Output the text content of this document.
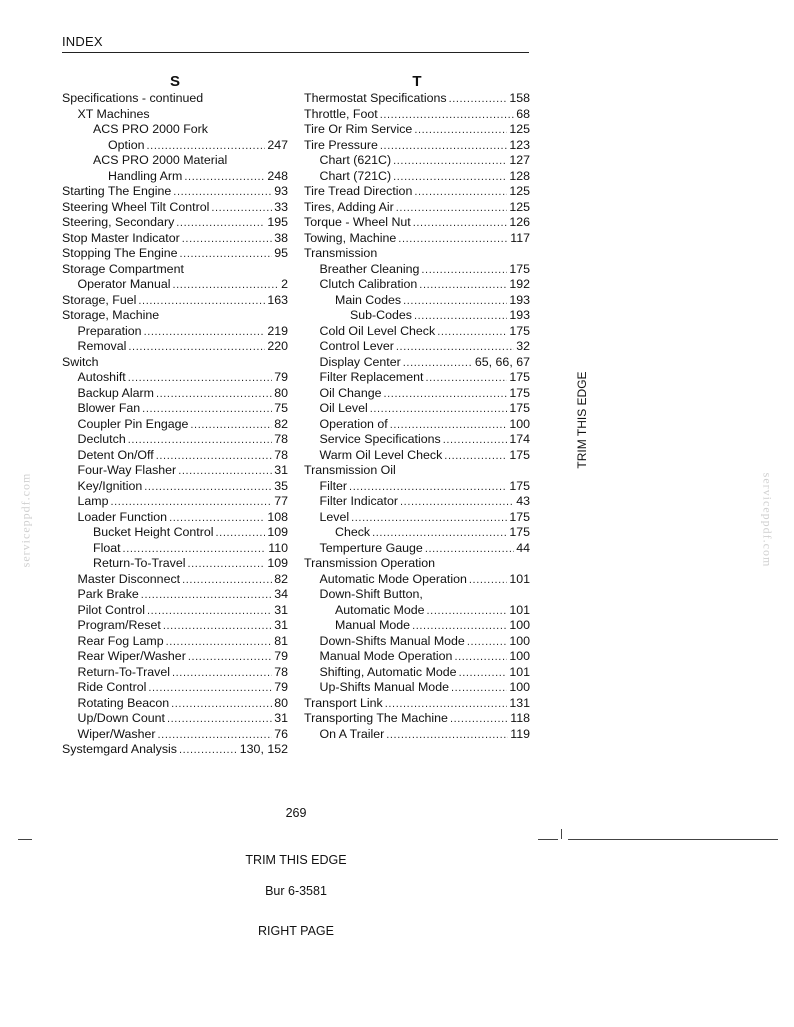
INDEX
S
Specifications - continued
XT Machines
ACS PRO 2000 Fork
Option .....	247
ACS PRO 2000 Material
Handling Arm .....	248
Starting The Engine .....	93
Steering Wheel Tilt Control .....	33
Steering, Secondary .....	195
Stop Master Indicator .....	38
Stopping The Engine .....	95
Storage Compartment
Operator Manual .....	2
Storage, Fuel .....	163
Storage, Machine
Preparation .....	219
Removal .....	220
Switch
Autoshift .....	79
Backup Alarm .....	80
Blower Fan .....	75
Coupler Pin Engage .....	82
Declutch .....	78
Detent On/Off .....	78
Four-Way Flasher .....	31
Key/Ignition .....	35
Lamp .....	77
Loader Function .....	108
Bucket Height Control .....	109
Float .....	110
Return-To-Travel .....	109
Master Disconnect .....	82
Park Brake .....	34
Pilot Control .....	31
Program/Reset .....	31
Rear Fog Lamp .....	81
Rear Wiper/Washer .....	79
Return-To-Travel .....	78
Ride Control .....	79
Rotating Beacon .....	80
Up/Down Count .....	31
Wiper/Washer .....	76
Systemgard Analysis .....	130, 152
T
Thermostat Specifications .....	158
Throttle, Foot .....	68
Tire Or Rim Service .....	125
Tire Pressure .....	123
Chart (621C) .....	127
Chart (721C) .....	128
Tire Tread Direction .....	125
Tires, Adding Air .....	125
Torque - Wheel Nut .....	126
Towing, Machine .....	117
Transmission
Breather Cleaning .....	175
Clutch Calibration .....	192
Main Codes .....	193
Sub-Codes .....	193
Cold Oil Level Check .....	175
Control Lever .....	32
Display Center .....	65, 66, 67
Filter Replacement .....	175
Oil Change .....	175
Oil Level .....	175
Operation of .....	100
Service Specifications .....	174
Warm Oil Level Check .....	175
Transmission Oil
Filter .....	175
Filter Indicator .....	43
Level .....	175
Check .....	175
Temperture Gauge .....	44
Transmission Operation
Automatic Mode Operation .....	101
Down-Shift Button,
Automatic Mode .....	101
Manual Mode .....	100
Down-Shifts Manual Mode .....	100
Manual Mode Operation .....	100
Shifting, Automatic Mode .....	101
Up-Shifts Manual Mode .....	100
Transport Link .....	131
Transporting The Machine .....	118
On A Trailer .....	119
TRIM THIS EDGE
serviceppdf.com	serviceppdf.com
269
TRIM THIS EDGE
Bur 6-3581
RIGHT PAGE
